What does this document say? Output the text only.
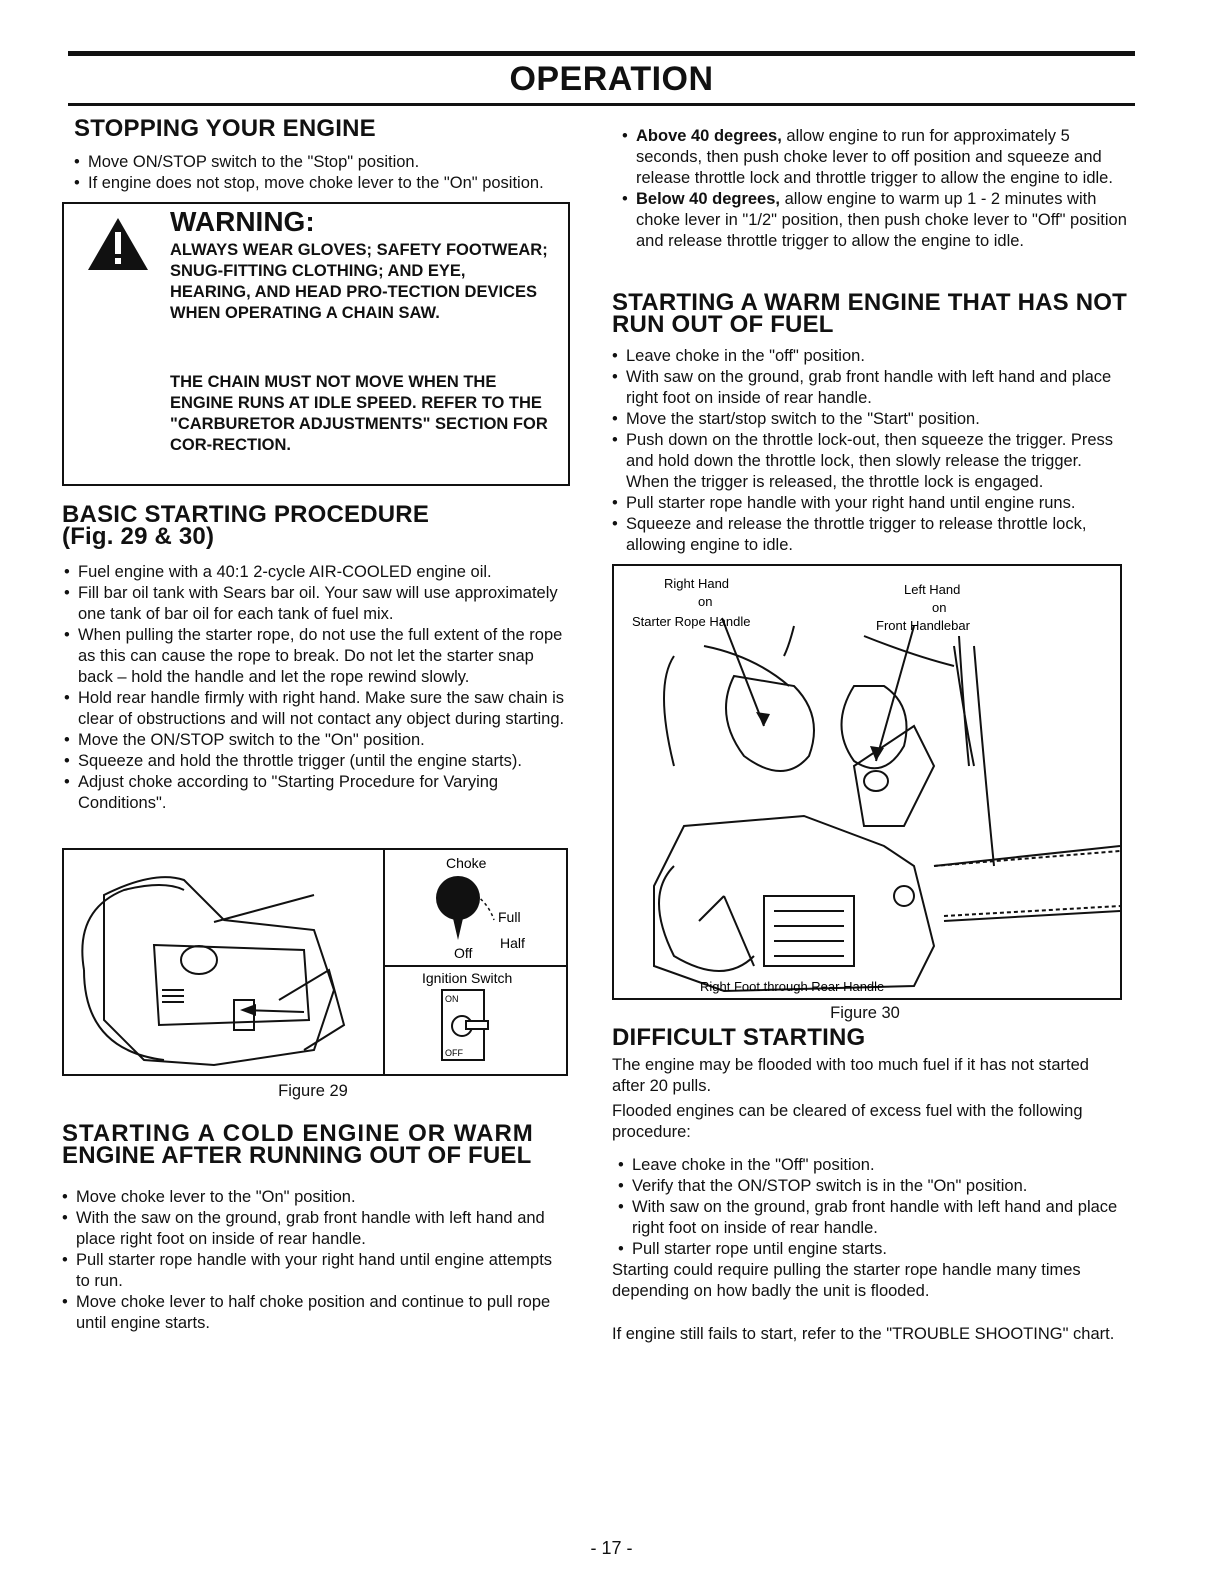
OPERATION
STOPPING YOUR ENGINE
• Move ON/STOP switch to the "Stop" position.
• If engine does not stop, move choke lever to the "On" position.
WARNING:
ALWAYS WEAR GLOVES; SAFETY FOOTWEAR; SNUG-FITTING CLOTHING; AND EYE, HEARING, AND HEAD PRO-TECTION DEVICES WHEN OPERATING A CHAIN SAW.
THE CHAIN MUST NOT MOVE WHEN THE ENGINE RUNS AT IDLE SPEED. REFER TO THE "CARBURETOR ADJUSTMENTS" SECTION FOR COR-RECTION.
BASIC STARTING PROCEDURE
(Fig. 29 & 30)
• Fuel engine with a 40:1 2-cycle AIR-COOLED engine oil.
• Fill bar oil tank with Sears bar oil. Your saw will use approximately one tank of bar oil for each tank of fuel mix.
• When pulling the starter rope, do not use the full extent of the rope as this can cause the rope to break. Do not let the starter snap back – hold the handle and let the rope rewind slowly.
• Hold rear handle firmly with right hand. Make sure the saw chain is clear of obstructions and will not contact any object during starting.
• Move the ON/STOP switch to the "On" position.
• Squeeze and hold the throttle trigger (until the engine starts).
• Adjust choke according to "Starting Procedure for Varying Conditions".
ON
OFF
Choke
Full
Half
Off
Ignition Switch
Figure 29
STARTING A COLD ENGINE OR WARM
ENGINE AFTER RUNNING OUT OF FUEL
• Move choke lever to the "On" position.
• With the saw on the ground, grab front handle with left hand and place right foot on inside of rear handle.
• Pull starter rope handle with your right hand until engine attempts to run.
• Move choke lever to half choke position and continue to pull rope until engine starts.
• Above 40 degrees, allow engine to run for approximately 5 seconds, then push choke lever to off position and squeeze and release throttle lock and throttle trigger to allow the engine to idle.
• Below 40 degrees, allow engine to warm up 1 - 2 minutes with choke lever in "1/2" position, then push choke lever to "Off" position and release throttle trigger to allow the engine to idle.
STARTING A WARM ENGINE THAT HAS NOT
RUN OUT OF FUEL
• Leave choke in the "off" position.
• With saw on the ground, grab front handle with left hand and place right foot on inside of rear handle.
• Move the start/stop switch to the "Start" position.
• Push down on the throttle lock-out, then squeeze the trigger. Press and hold down the throttle lock, then slowly release the trigger. When the trigger is released, the throttle lock is engaged.
• Pull starter rope handle with your right hand until engine runs.
• Squeeze and release the throttle trigger to release throttle lock, allowing engine to idle.
Right Hand
on
Starter Rope Handle
Left Hand
on
Front Handlebar
Right Foot through Rear Handle
Figure 30
DIFFICULT STARTING

The engine may be flooded with too much fuel if it has not started after 20 pulls.

Flooded engines can be cleared of excess fuel with the following procedure:

• Leave choke in the "Off" position.
• Verify that the ON/STOP switch is in the "On" position.
• With saw on the ground, grab front handle with left hand and place right foot on inside of rear handle.
• Pull starter rope until engine starts.

Starting could require pulling the starter rope handle many times depending on how badly the unit is flooded.

If engine still fails to start, refer to the "TROUBLE SHOOTING" chart.

- 17 -
